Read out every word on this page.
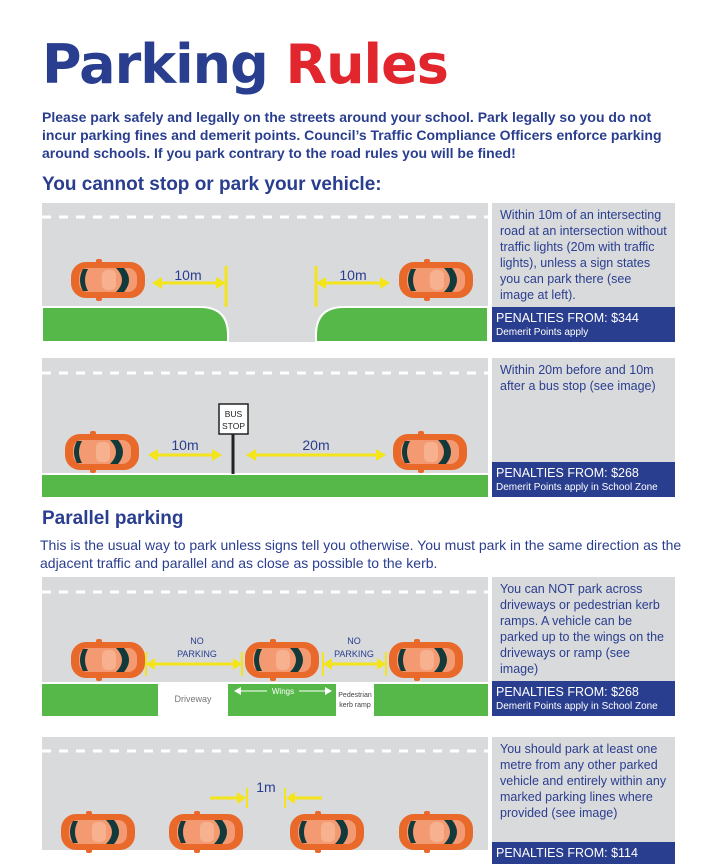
Parking Rules

Please park safely and legally on the streets around your school. Park legally so you do not incur parking fines and demerit points. Council’s Traffic Compliance Officers enforce parking around schools. If you park contrary to the road rules you will be fined!

You cannot stop or park your vehicle:
10m	10m

Within 10m of an intersecting road at an intersection without traffic lights (20m with traffic lights), unless a sign states you can park there (see image at left).

PENALTIES FROM: $344
Demerit Points apply
BUS
STOP
10m	20m

Within 20m before and 10m after a bus stop (see image)

PENALTIES FROM: $268
Demerit Points apply in School Zone
Parallel parking

This is the usual way to park unless signs tell you otherwise. You must park in the same direction as the adjacent traffic and parallel and as close as possible to the kerb.

NO
PARKING
NO
PARKING
Driveway
Wings	Pedestrian
kerb ramp

You can NOT park across driveways or pedestrian kerb ramps. A vehicle can be parked up to the wings on the driveways or ramp (see image)

PENALTIES FROM: $268
Demerit Points apply in School Zone
1m

You should park at least one metre from any other parked vehicle and entirely within any marked parking lines where provided (see image)

PENALTIES FROM: $114
